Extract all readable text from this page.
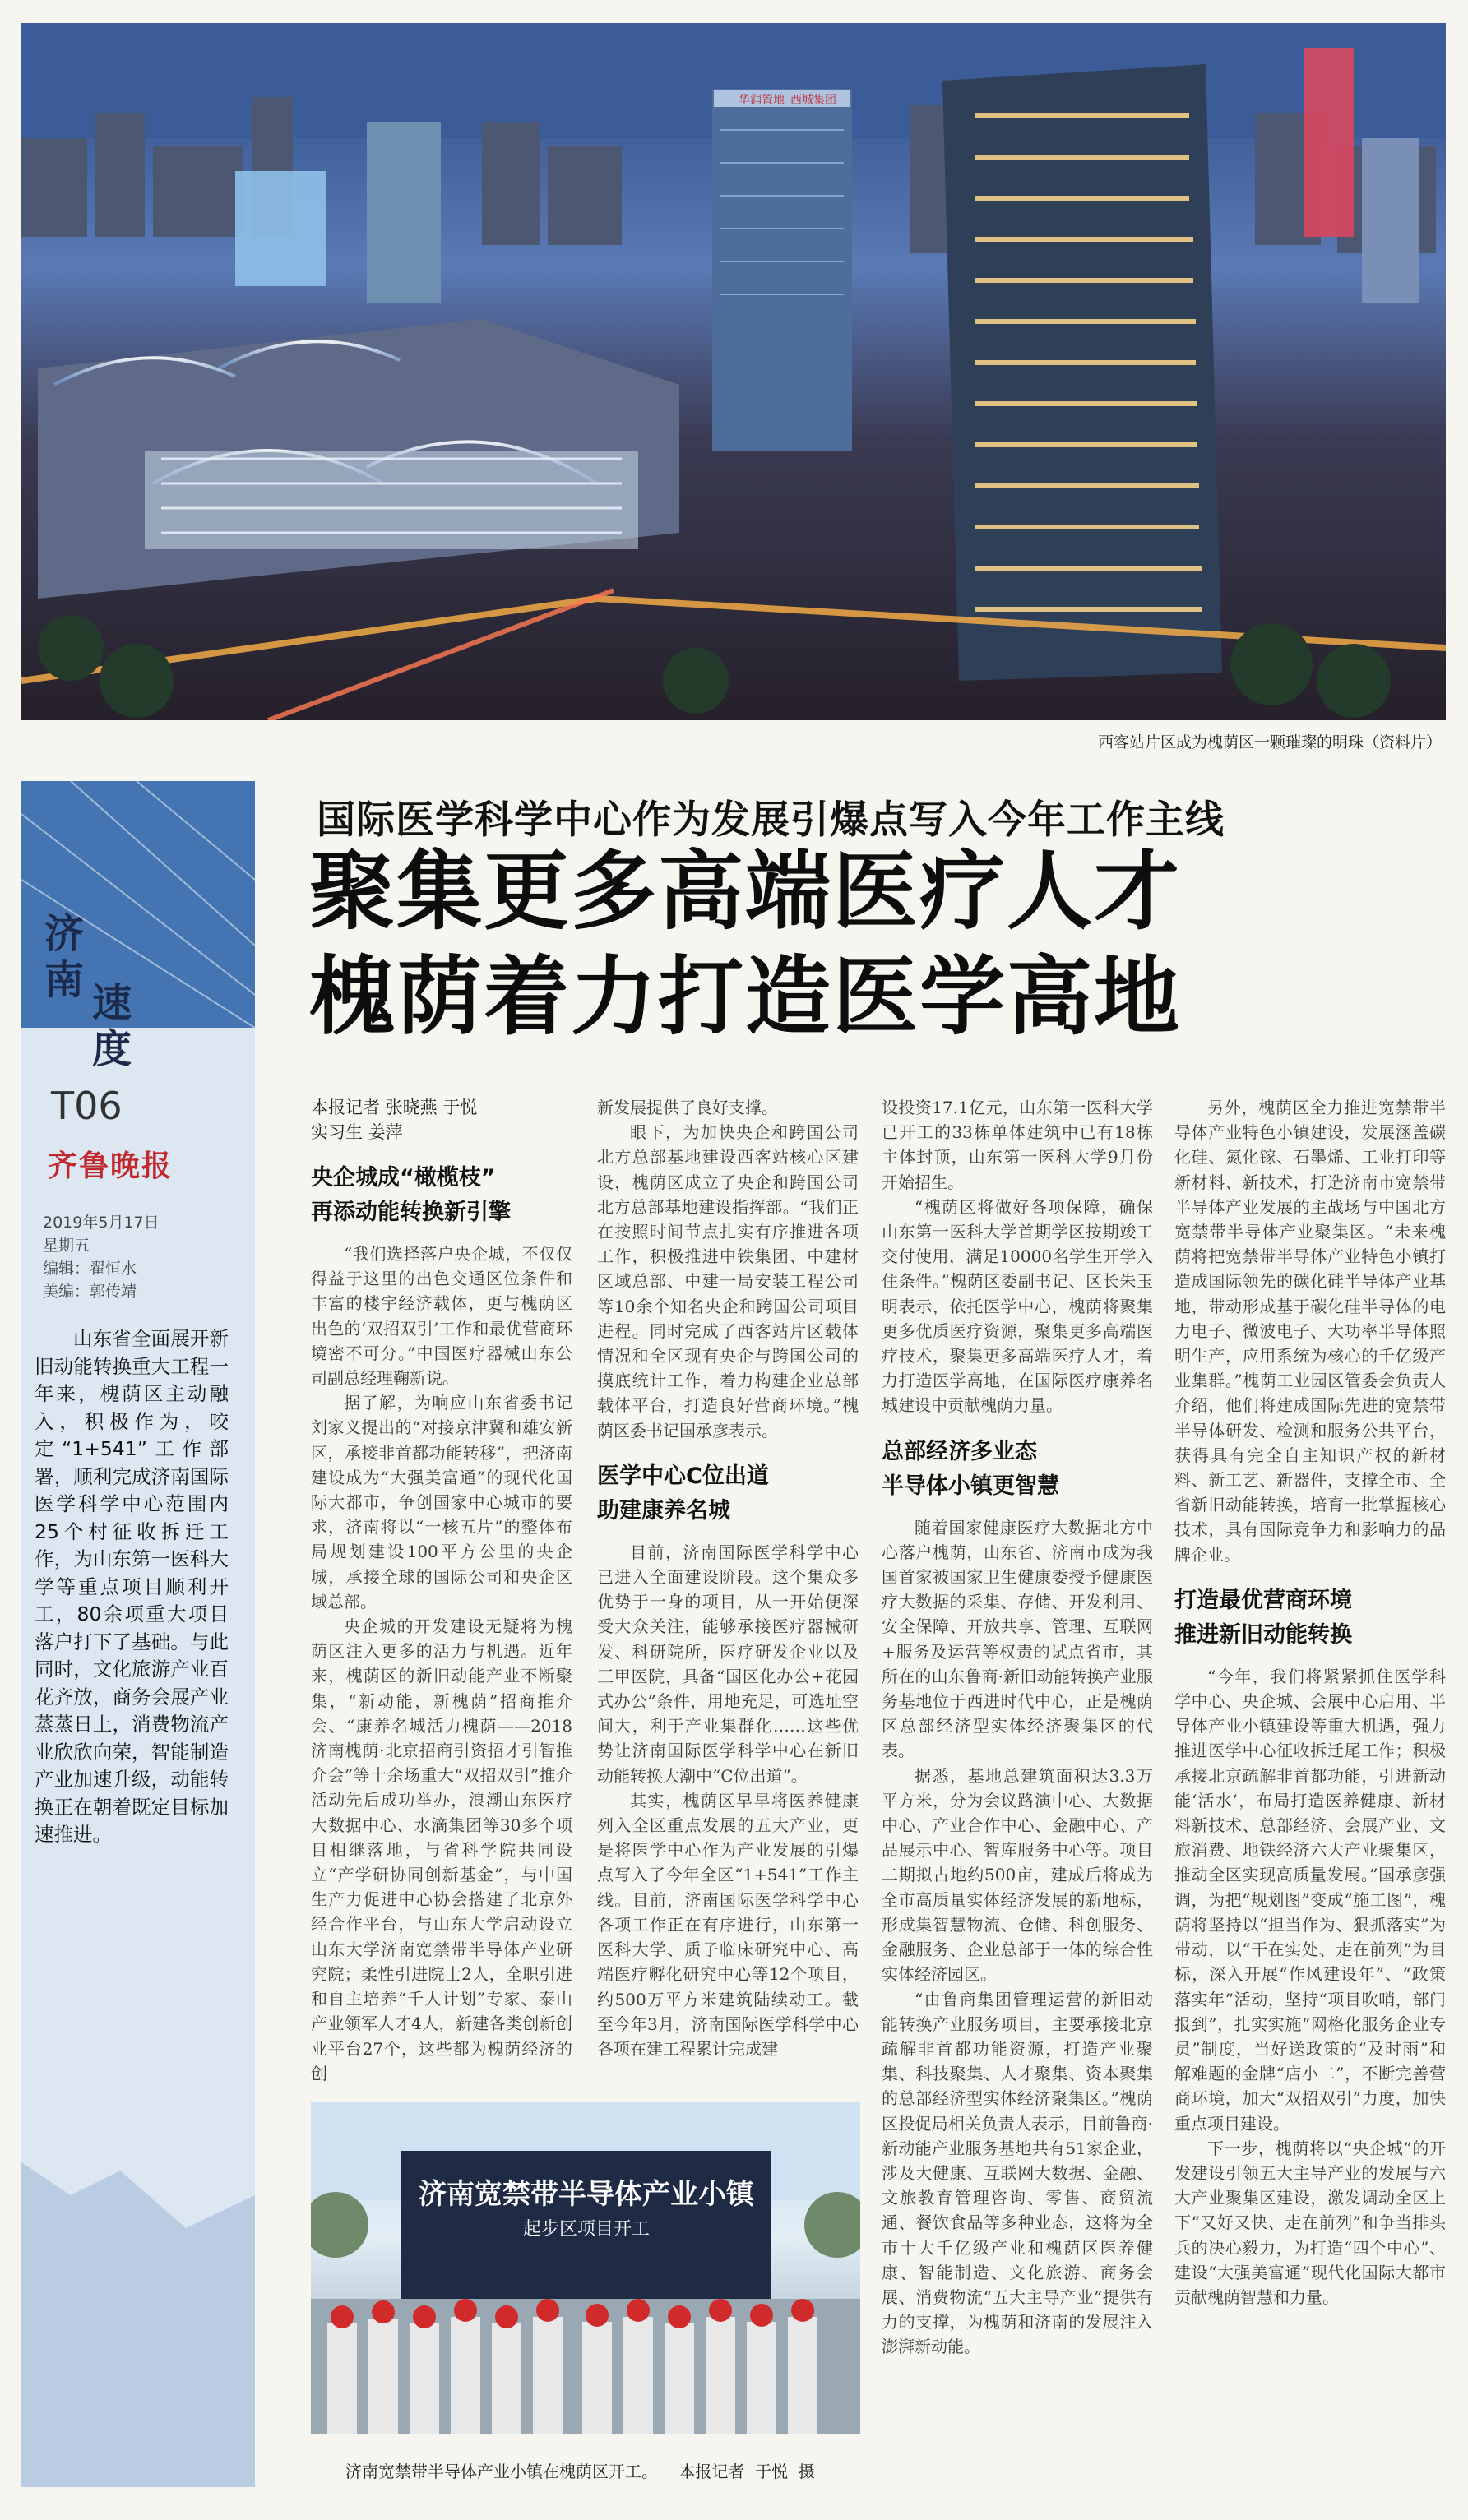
华润置地 西城集团
西客站片区成为槐荫区一颗璀璨的明珠（资料片）
济
南 速
度
T06
齐鲁晚报
2019年5月17日
星期五
编辑：翟恒水
美编：郭传靖
山东省全面展开新旧动能转换重大工程一年来，槐荫区主动融入，积极作为，咬定“1+541”工作部署，顺利完成济南国际医学科学中心范围内25个村征收拆迁工作，为山东第一医科大学等重点项目顺利开工，80余项重大项目落户打下了基础。与此同时，文化旅游产业百花齐放，商务会展产业蒸蒸日上，消费物流产业欣欣向荣，智能制造产业加速升级，动能转换正在朝着既定目标加速推进。
国际医学科学中心作为发展引爆点写入今年工作主线
聚集更多高端医疗人才
槐荫着力打造医学高地
本报记者 张晓燕 于悦
实习生 姜萍

央企城成“橄榄枝”
再添动能转换新引擎

“我们选择落户央企城，不仅仅得益于这里的出色交通区位条件和丰富的楼宇经济载体，更与槐荫区出色的‘双招双引’工作和最优营商环境密不可分。”中国医疗器械山东公司副总经理鞠新说。

据了解，为响应山东省委书记刘家义提出的“对接京津冀和雄安新区，承接非首都功能转移”，把济南建设成为“大强美富通”的现代化国际大都市，争创国家中心城市的要求，济南将以“一核五片”的整体布局规划建设100平方公里的央企城，承接全球的国际公司和央企区域总部。

央企城的开发建设无疑将为槐荫区注入更多的活力与机遇。近年来，槐荫区的新旧动能产业不断聚集，“新动能，新槐荫”招商推介会、“康养名城活力槐荫——2018济南槐荫·北京招商引资招才引智推介会”等十余场重大“双招双引”推介活动先后成功举办，浪潮山东医疗大数据中心、水滴集团等30多个项目相继落地，与省科学院共同设立“产学研协同创新基金”，与中国生产力促进中心协会搭建了北京外经合作平台，与山东大学启动设立山东大学济南宽禁带半导体产业研究院；柔性引进院士2人，全职引进和自主培养“千人计划”专家、泰山产业领军人才4人，新建各类创新创业平台27个，这些都为槐荫经济的创

新发展提供了良好支撑。

眼下，为加快央企和跨国公司北方总部基地建设西客站核心区建设，槐荫区成立了央企和跨国公司北方总部基地建设指挥部。“我们正在按照时间节点扎实有序推进各项工作，积极推进中铁集团、中建材区域总部、中建一局安装工程公司等10余个知名央企和跨国公司项目进程。同时完成了西客站片区载体情况和全区现有央企与跨国公司的摸底统计工作，着力构建企业总部载体平台，打造良好营商环境。”槐荫区委书记国承彦表示。

医学中心C位出道
助建康养名城

目前，济南国际医学科学中心已进入全面建设阶段。这个集众多优势于一身的项目，从一开始便深受大众关注，能够承接医疗器械研发、科研院所，医疗研发企业以及三甲医院，具备“国区化办公+花园式办公”条件，用地充足，可选址空间大，利于产业集群化……这些优势让济南国际医学科学中心在新旧动能转换大潮中“C位出道”。

其实，槐荫区早早将医养健康列入全区重点发展的五大产业，更是将医学中心作为产业发展的引爆点写入了今年全区“1+541”工作主线。目前，济南国际医学科学中心各项工作正在有序进行，山东第一医科大学、质子临床研究中心、高端医疗孵化研究中心等12个项目，约500万平方米建筑陆续动工。截至今年3月，济南国际医学科学中心各项在建工程累计完成建

设投资17.1亿元，山东第一医科大学已开工的33栋单体建筑中已有18栋主体封顶，山东第一医科大学9月份开始招生。

“槐荫区将做好各项保障，确保山东第一医科大学首期学区按期竣工交付使用，满足10000名学生开学入住条件。”槐荫区委副书记、区长朱玉明表示，依托医学中心，槐荫将聚集更多优质医疗资源，聚集更多高端医疗技术，聚集更多高端医疗人才，着力打造医学高地，在国际医疗康养名城建设中贡献槐荫力量。

总部经济多业态
半导体小镇更智慧

随着国家健康医疗大数据北方中心落户槐荫，山东省、济南市成为我国首家被国家卫生健康委授予健康医疗大数据的采集、存储、开发利用、安全保障、开放共享、管理、互联网+服务及运营等权责的试点省市，其所在的山东鲁商·新旧动能转换产业服务基地位于西进时代中心，正是槐荫区总部经济型实体经济聚集区的代表。

据悉，基地总建筑面积达3.3万平方米，分为会议路演中心、大数据中心、产业合作中心、金融中心、产品展示中心、智库服务中心等。项目二期拟占地约500亩，建成后将成为全市高质量实体经济发展的新地标，形成集智慧物流、仓储、科创服务、金融服务、企业总部于一体的综合性实体经济园区。

“由鲁商集团管理运营的新旧动能转换产业服务项目，主要承接北京疏解非首都功能资源，打造产业聚集、科技聚集、人才聚集、资本聚集的总部经济型实体经济聚集区。”槐荫区投促局相关负责人表示，目前鲁商·新动能产业服务基地共有51家企业，涉及大健康、互联网大数据、金融、文旅教育管理咨询、零售、商贸流通、餐饮食品等多种业态，这将为全市十大千亿级产业和槐荫区医养健康、智能制造、文化旅游、商务会展、消费物流“五大主导产业”提供有力的支撑，为槐荫和济南的发展注入澎湃新动能。

另外，槐荫区全力推进宽禁带半导体产业特色小镇建设，发展涵盖碳化硅、氮化镓、石墨烯、工业打印等新材料、新技术，打造济南市宽禁带半导体产业发展的主战场与中国北方宽禁带半导体产业聚集区。“未来槐荫将把宽禁带半导体产业特色小镇打造成国际领先的碳化硅半导体产业基地，带动形成基于碳化硅半导体的电力电子、微波电子、大功率半导体照明生产，应用系统为核心的千亿级产业集群。”槐荫工业园区管委会负责人介绍，他们将建成国际先进的宽禁带半导体研发、检测和服务公共平台，获得具有完全自主知识产权的新材料、新工艺、新器件，支撑全市、全省新旧动能转换，培育一批掌握核心技术，具有国际竞争力和影响力的品牌企业。

打造最优营商环境
推进新旧动能转换

“今年，我们将紧紧抓住医学科学中心、央企城、会展中心启用、半导体产业小镇建设等重大机遇，强力推进医学中心征收拆迁尾工作；积极承接北京疏解非首都功能，引进新动能‘活水’，布局打造医养健康、新材料新技术、总部经济、会展产业、文旅消费、地铁经济六大产业聚集区，推动全区实现高质量发展。”国承彦强调，为把“规划图”变成“施工图”，槐荫将坚持以“担当作为、狠抓落实”为带动，以“干在实处、走在前列”为目标，深入开展“作风建设年”、“政策落实年”活动，坚持“项目吹哨，部门报到”，扎实实施“网格化服务企业专员”制度，当好送政策的“及时雨”和解难题的金牌“店小二”，不断完善营商环境，加大“双招双引”力度，加快重点项目建设。

下一步，槐荫将以“央企城”的开发建设引领五大主导产业的发展与六大产业聚集区建设，激发调动全区上下“又好又快、走在前列”和争当排头兵的决心毅力，为打造“四个中心”、建设“大强美富通”现代化国际大都市贡献槐荫智慧和力量。

济南宽禁带半导体产业小镇
起步区项目开工
济南宽禁带半导体产业小镇在槐荫区开工。    本报记者  于悦  摄
